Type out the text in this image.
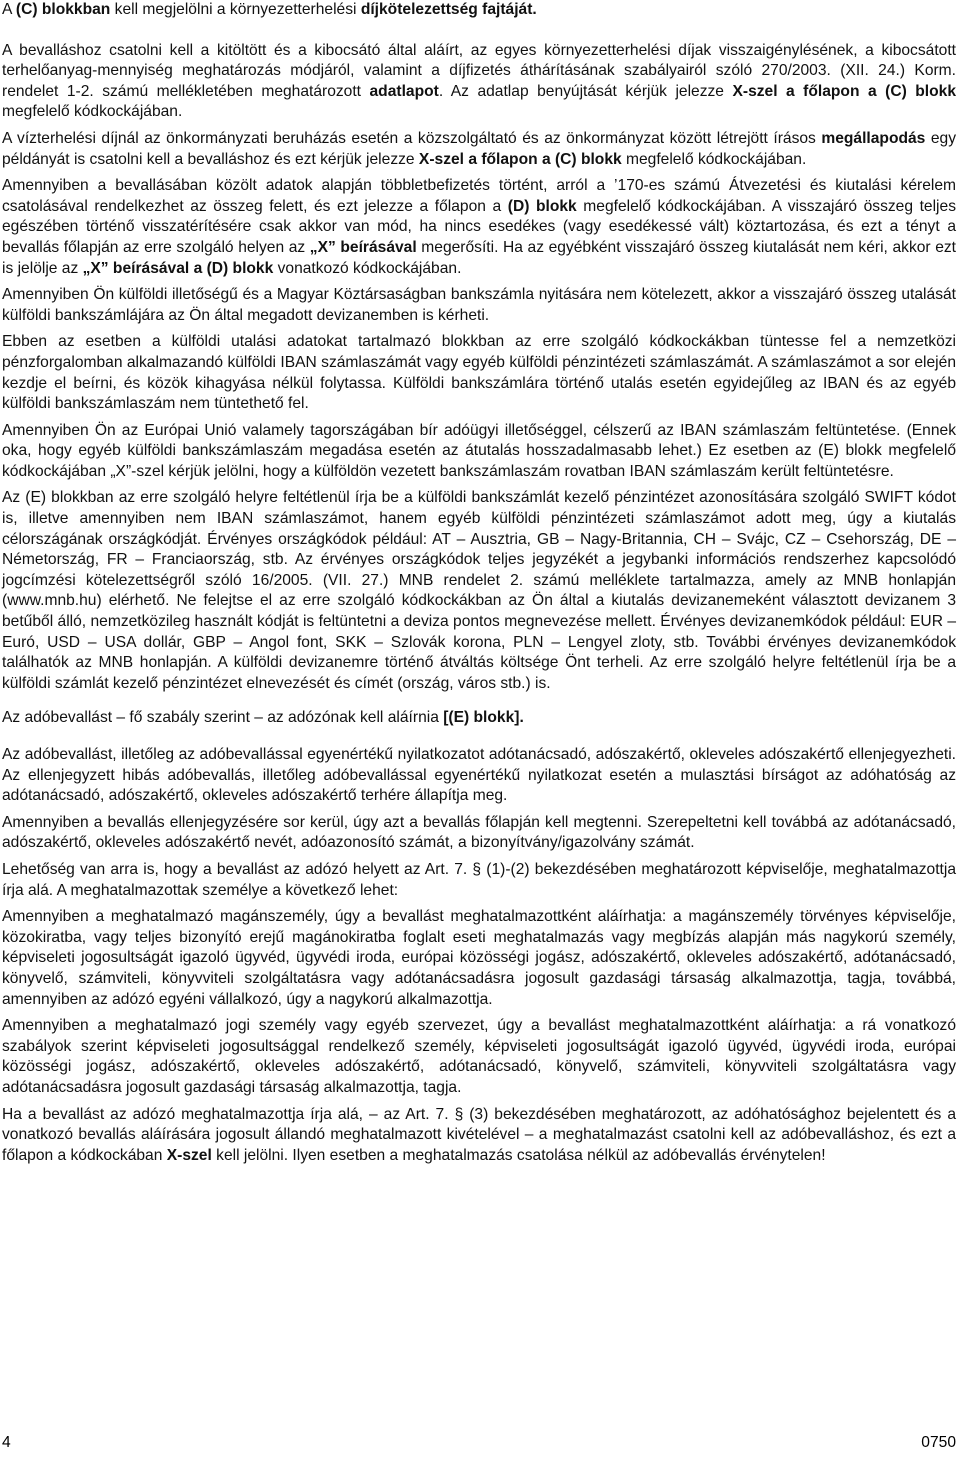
A (C) blokkban kell megjelölni a környezetterhelési díjkötelezettség fajtáját.

A bevalláshoz csatolni kell a kitöltött és a kibocsátó által aláírt, az egyes környezetterhelési díjak visszaigénylésének, a kibocsátott terhelőanyag-mennyiség meghatározás módjáról, valamint a díjfizetés áthárításának szabályairól szóló 270/2003. (XII. 24.) Korm. rendelet 1-2. számú mellékletében meghatározott adatlapot. Az adatlap benyújtását kérjük jelezze X-szel a főlapon a (C) blokk megfelelő kódkockájában.

A vízterhelési díjnál az önkormányzati beruházás esetén a közszolgáltató és az önkormányzat között létrejött írásos megállapodás egy példányát is csatolni kell a bevalláshoz és ezt kérjük jelezze X-szel a főlapon a (C) blokk megfelelő kódkockájában.

Amennyiben a bevallásában közölt adatok alapján többletbefizetés történt, arról a ’170-es számú Átvezetési és kiutalási kérelem csatolásával rendelkezhet az összeg felett, és ezt jelezze a főlapon a (D) blokk megfelelő kódkockájában. A visszajáró összeg teljes egészében történő visszatérítésére csak akkor van mód, ha nincs esedékes (vagy esedékessé vált) köztartozása, és ezt a tényt a bevallás főlapján az erre szolgáló helyen az „X” beírásával megerősíti. Ha az egyébként visszajáró összeg kiutalását nem kéri, akkor ezt is jelölje az „X” beírásával a (D) blokk vonatkozó kódkockájában.

Amennyiben Ön külföldi illetőségű és a Magyar Köztársaságban bankszámla nyitására nem kötelezett, akkor a visszajáró összeg utalását külföldi bankszámlájára az Ön által megadott devizanemben is kérheti.

Ebben az esetben a külföldi utalási adatokat tartalmazó blokkban az erre szolgáló kódkockákban tüntesse fel a nemzetközi pénzforgalomban alkalmazandó külföldi IBAN számlaszámát vagy egyéb külföldi pénzintézeti számlaszámát. A számlaszámot a sor elején kezdje el beírni, és közök kihagyása nélkül folytassa. Külföldi bankszámlára történő utalás esetén egyidejűleg az IBAN és az egyéb külföldi bankszámlaszám nem tüntethető fel.

Amennyiben Ön az Európai Unió valamely tagországában bír adóügyi illetőséggel, célszerű az IBAN számlaszám feltüntetése. (Ennek oka, hogy egyéb külföldi bankszámlaszám megadása esetén az átutalás hosszadalmasabb lehet.) Ez esetben az (E) blokk megfelelő kódkockájában „X”-szel kérjük jelölni, hogy a külföldön vezetett bankszámlaszám rovatban IBAN számlaszám került feltüntetésre.

Az (E) blokkban az erre szolgáló helyre feltétlenül írja be a külföldi bankszámlát kezelő pénzintézet azonosítására szolgáló SWIFT kódot is, illetve amennyiben nem IBAN számlaszámot, hanem egyéb külföldi pénzintézeti számlaszámot adott meg, úgy a kiutalás célországának országkódját. Érvényes országkódok például: AT – Ausztria, GB – Nagy-Britannia, CH – Svájc, CZ – Csehország, DE – Németország, FR – Franciaország, stb. Az érvényes országkódok teljes jegyzékét a jegybanki információs rendszerhez kapcsolódó jogcímzési kötelezettségről szóló 16/2005. (VII. 27.) MNB rendelet 2. számú melléklete tartalmazza, amely az MNB honlapján (www.mnb.hu) elérhető. Ne felejtse el az erre szolgáló kódkockákban az Ön által a kiutalás devizanemeként választott devizanem 3 betűből álló, nemzetközileg használt kódját is feltüntetni a deviza pontos megnevezése mellett. Érvényes devizanemkódok például: EUR – Euró, USD – USA dollár, GBP – Angol font, SKK – Szlovák korona, PLN – Lengyel zloty, stb. További érvényes devizanemkódok találhatók az MNB honlapján. A külföldi devizanemre történő átváltás költsége Önt terheli. Az erre szolgáló helyre feltétlenül írja be a külföldi számlát kezelő pénzintézet elnevezését és címét (ország, város stb.) is.

Az adóbevallást – fő szabály szerint – az adózónak kell aláírnia [(E) blokk].

Az adóbevallást, illetőleg az adóbevallással egyenértékű nyilatkozatot adótanácsadó, adószakértő, okleveles adószakértő ellenjegyezheti. Az ellenjegyzett hibás adóbevallás, illetőleg adóbevallással egyenértékű nyilatkozat esetén a mulasztási bírságot az adóhatóság az adótanácsadó, adószakértő, okleveles adószakértő terhére állapítja meg.

Amennyiben a bevallás ellenjegyzésére sor kerül, úgy azt a bevallás főlapján kell megtenni. Szerepeltetni kell továbbá az adótanácsadó, adószakértő, okleveles adószakértő nevét, adóazonosító számát, a bizonyítvány/igazolvány számát.

Lehetőség van arra is, hogy a bevallást az adózó helyett az Art. 7. § (1)-(2) bekezdésében meghatározott képviselője, meghatalmazottja írja alá. A meghatalmazottak személye a következő lehet:

Amennyiben a meghatalmazó magánszemély, úgy a bevallást meghatalmazottként aláírhatja: a magánszemély törvényes képviselője, közokiratba, vagy teljes bizonyító erejű magánokiratba foglalt eseti meghatalmazás vagy megbízás alapján más nagykorú személy, képviseleti jogosultságát igazoló ügyvéd, ügyvédi iroda, európai közösségi jogász, adószakértő, okleveles adószakértő, adótanácsadó, könyvelő, számviteli, könyvviteli szolgáltatásra vagy adótanácsadásra jogosult gazdasági társaság alkalmazottja, tagja, továbbá, amennyiben az adózó egyéni vállalkozó, úgy a nagykorú alkalmazottja.

Amennyiben a meghatalmazó jogi személy vagy egyéb szervezet, úgy a bevallást meghatalmazottként aláírhatja: a rá vonatkozó szabályok szerint képviseletі jogosultsággal rendelkező személy, képviseleti jogosultságát igazoló ügyvéd, ügyvédi iroda, európai közösségi jogász, adószakértő, okleveles adószakértő, adótanácsadó, könyvelő, számviteli, könyvviteli szolgáltatásra vagy adótanácsadásra jogosult gazdasági társaság alkalmazottja, tagja.

Ha a bevallást az adózó meghatalmazottja írja alá, – az Art. 7. § (3) bekezdésében meghatározott, az adóhatósághoz bejelentett és a vonatkozó bevallás aláírására jogosult állandó meghatalmazott kivételével – a meghatalmazást csatolni kell az adóbevalláshoz, és ezt a főlapon a kódkockában X-szel kell jelölni. Ilyen esetben a meghatalmazás csatolása nélkül az adóbevallás érvénytelen!

4	0750
